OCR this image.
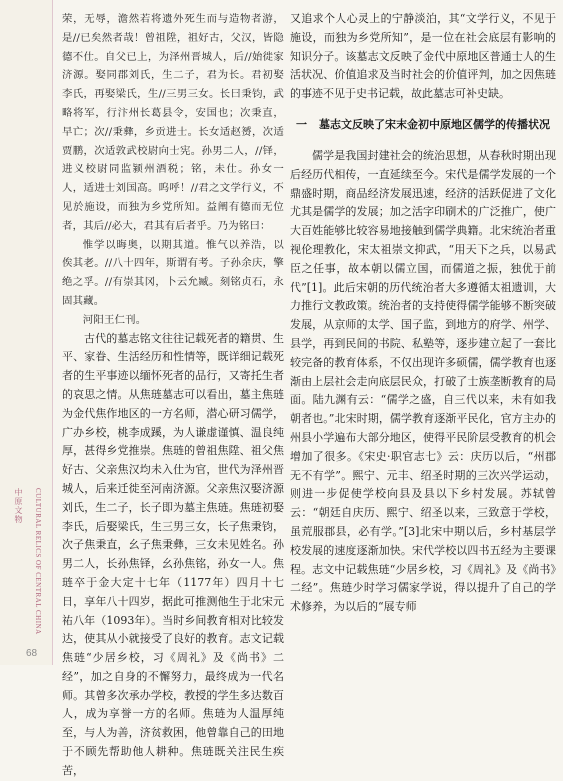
中原文物	CULTURAL RELICS OF CENTRAL CHINA
68

荣，无辱，澹然若将遗外死生而与造物者游，是//已矣然者哉！曾祖陞，祖好古，父汉，皆隐德不仕。自父已上，为泽州晋城人，后//始徙家济源。娶同郡刘氏，生二子，君为长。君初娶李氏，再娶梁氏，生//三男三女。长曰秉钧，武略将军，行汴州长葛县令，安国也；次秉直，早亡；次//秉彝，乡贡进士。长女适赵赟，次适贾鹏，次适敦武校尉向士宪。孙男二人，//铎，进义校尉同监颍州酒税；铭，未仕。孙女一人，适进士刘国高。呜呼！//君之文学行义，不见於施设，而独为乡党所知。益阐有德而无位者，其后//必大，君其有后者乎。乃为铭曰：

惟学以晦奥，以期其道。惟气以养浩，以俟其老。//八十四年，斯谓有考。子孙余庆，擎绝之孚。//有崇其冈，卜云允臧。刻铭贞石，永固其藏。

河阳王仁刊。

古代的墓志铭文往往记载死者的籍贯、生平、家眷、生活经历和性情等，既详细记载死者的生平事迹以缅怀死者的品行，又寄托生者的哀思之情。从焦琏墓志可以看出，墓主焦琏为金代焦作地区的一方名师，潜心研习儒学，广办乡校，桃李成蹊，为人谦虚谨慎、温良纯厚，甚得乡党推崇。焦琏的曾祖焦陞、祖父焦好古、父亲焦汉均未入仕为官，世代为泽州晋城人，后来迁徙至河南济源。父亲焦汉娶济源刘氏，生二子，长子即为墓主焦琏。焦琏初娶李氏，后娶梁氏，生三男三女，长子焦秉钧，次子焦秉直，幺子焦秉彝，三女未见姓名。孙男二人，长孙焦铎，幺孙焦铭，孙女一人。焦琏卒于金大定十七年（1177年）四月十七日，享年八十四岁，据此可推测他生于北宋元祐八年（1093年）。当时乡间教育相对比较发达，使其从小就接受了良好的教育。志文记载焦琏“少居乡校，习《周礼》及《尚书》二经”，加之自身的不懈努力，最终成为一代名师。其曾多次承办学校，教授的学生多达数百人，成为享誉一方的名师。焦琏为人温厚纯至，与人为善，济贫救困，他曾靠自己的田地于不顾先帮助他人耕种。焦琏既关注民生疾苦，

又追求个人心灵上的宁静淡泊，其“文学行义，不见于施设，而独为乡党所知”，是一位在社会底层有影响的知识分子。该墓志文反映了金代中原地区普通士人的生活状况、价值追求及当时社会的价值评判，加之因焦琏的事迹不见于史书记载，故此墓志可补史缺。

一 墓志文反映了宋末金初中原地区儒学的传播状况

儒学是我国封建社会的统治思想，从春秋时期出现后经历代相传，一直延续至今。宋代是儒学发展的一个鼎盛时期，商品经济发展迅速，经济的活跃促进了文化尤其是儒学的发展；加之活字印刷术的广泛推广，使广大百姓能够比较容易地接触到儒学典籍。北宋统治者重视伦理教化，宋太祖崇文抑武，“用天下之兵，以易武臣之任事，故本朝以儒立国，而儒道之振，独优于前代”[1]。此后宋朝的历代统治者大多遵循太祖遗训，大力推行文教政策。统治者的支持使得儒学能够不断突破发展，从京师的太学、国子监，到地方的府学、州学、县学，再到民间的书院、私塾等，逐步建立起了一套比较完备的教育体系，不仅出现许多硕儒，儒学教育也逐渐由上层社会走向底层民众，打破了士族垄断教育的局面。陆九渊有云：“儒学之盛，自三代以来，未有如我朝者也。”北宋时期，儒学教育逐渐平民化，官方主办的州县小学遍布大部分地区，使得平民阶层受教育的机会增加了很多。《宋史·职官志七》云：庆历以后，“州郡无不有学”。熙宁、元丰、绍圣时期的三次兴学运动，则进一步促使学校向县及县以下乡村发展。苏轼曾云：“朝廷自庆历、熙宁、绍圣以来，三致意于学校，虽荒服郡县，必有学。”[3]北宋中期以后，乡村基层学校发展的速度逐渐加快。宋代学校以四书五经为主要课程。志文中记载焦琏“少居乡校，习《周礼》及《尚书》二经”。焦琏少时学习儒家学说，得以提升了自己的学术修养，为以后的“展专师
